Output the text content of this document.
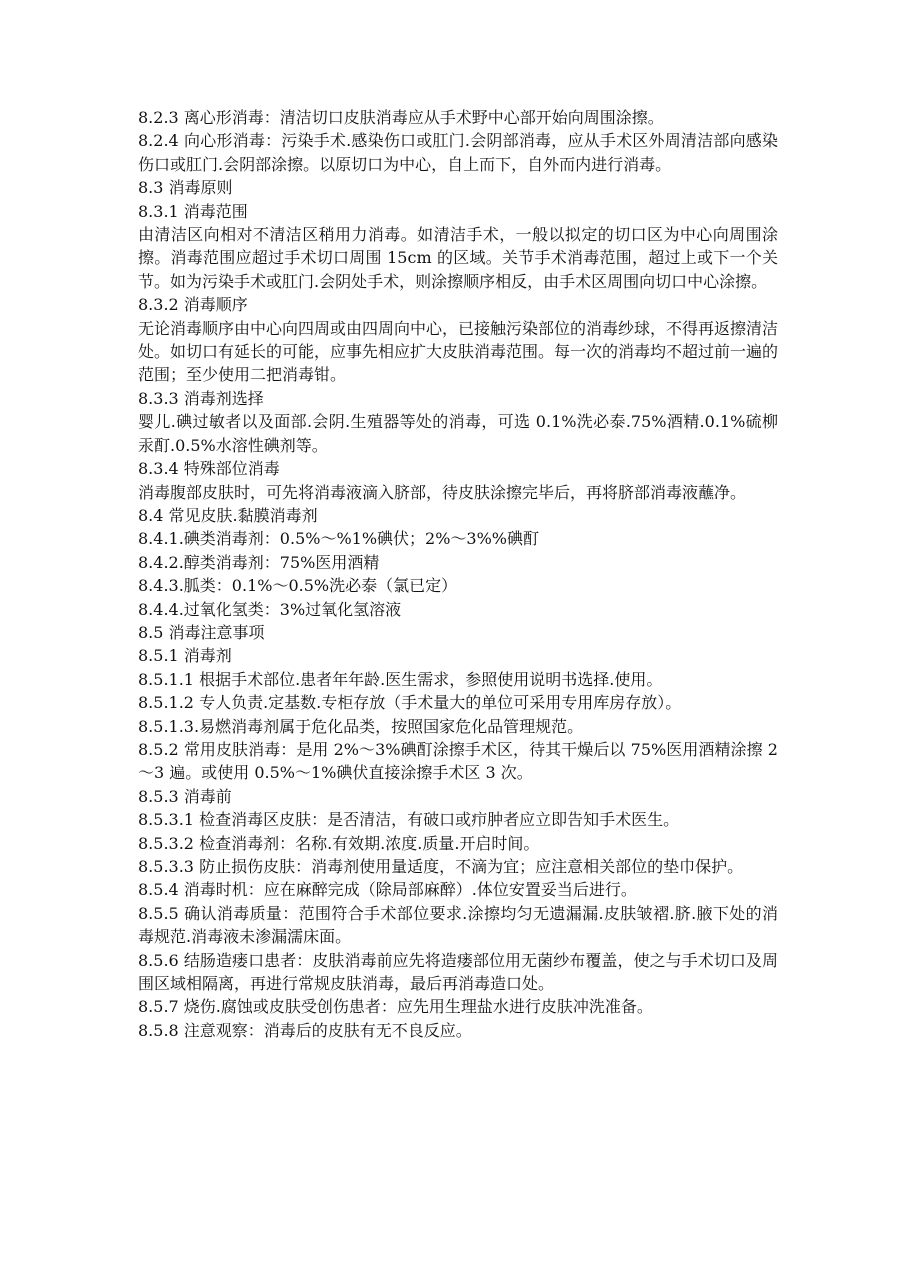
8.2.3 离心形消毒：清洁切口皮肤消毒应从手术野中心部开始向周围涂擦。

8.2.4 向心形消毒：污染手术.感染伤口或肛门.会阴部消毒，应从手术区外周清洁部向感染伤口或肛门.会阴部涂擦。以原切口为中心，自上而下，自外而内进行消毒。

8.3 消毒原则

8.3.1 消毒范围

由清洁区向相对不清洁区稍用力消毒。如清洁手术，一般以拟定的切口区为中心向周围涂擦。消毒范围应超过手术切口周围 15cm 的区域。关节手术消毒范围，超过上或下一个关节。如为污染手术或肛门.会阴处手术，则涂擦顺序相反，由手术区周围向切口中心涂擦。

8.3.2 消毒顺序

无论消毒顺序由中心向四周或由四周向中心，已接触污染部位的消毒纱球，不得再返擦清洁处。如切口有延长的可能，应事先相应扩大皮肤消毒范围。每一次的消毒均不超过前一遍的范围；至少使用二把消毒钳。

8.3.3 消毒剂选择

婴儿.碘过敏者以及面部.会阴.生殖器等处的消毒，可选 0.1%洗必泰.75%酒精.0.1%硫柳汞酊.0.5%水溶性碘剂等。

8.3.4 特殊部位消毒

消毒腹部皮肤时，可先将消毒液滴入脐部，待皮肤涂擦完毕后，再将脐部消毒液蘸净。

8.4 常见皮肤.黏膜消毒剂

8.4.1.碘类消毒剂：0.5%～%1%碘伏；2%～3%%碘酊

8.4.2.醇类消毒剂：75%医用酒精

8.4.3.胍类：0.1%～0.5%洗必泰（氯已定）

8.4.4.过氧化氢类：3%过氧化氢溶液

8.5 消毒注意事项

8.5.1 消毒剂

8.5.1.1 根据手术部位.患者年年龄.医生需求，参照使用说明书选择.使用。

8.5.1.2 专人负责.定基数.专柜存放（手术量大的单位可采用专用库房存放）。

8.5.1.3.易燃消毒剂属于危化品类，按照国家危化品管理规范。

8.5.2 常用皮肤消毒：是用 2%～3%碘酊涂擦手术区，待其干燥后以 75%医用酒精涂擦 2～3 遍。或使用 0.5%～1%碘伏直接涂擦手术区 3 次。

8.5.3 消毒前

8.5.3.1 检查消毒区皮肤：是否清洁，有破口或疖肿者应立即告知手术医生。

8.5.3.2 检查消毒剂：名称.有效期.浓度.质量.开启时间。

8.5.3.3 防止损伤皮肤：消毒剂使用量适度，不滴为宜；应注意相关部位的垫巾保护。

8.5.4 消毒时机：应在麻醉完成（除局部麻醉）.体位安置妥当后进行。

8.5.5 确认消毒质量：范围符合手术部位要求.涂擦均匀无遗漏漏.皮肤皱褶.脐.腋下处的消毒规范.消毒液未渗漏濡床面。

8.5.6 结肠造瘘口患者：皮肤消毒前应先将造瘘部位用无菌纱布覆盖，使之与手术切口及周围区域相隔离，再进行常规皮肤消毒，最后再消毒造口处。

8.5.7 烧伤.腐蚀或皮肤受创伤患者：应先用生理盐水进行皮肤冲洗准备。

8.5.8 注意观察：消毒后的皮肤有无不良反应。
